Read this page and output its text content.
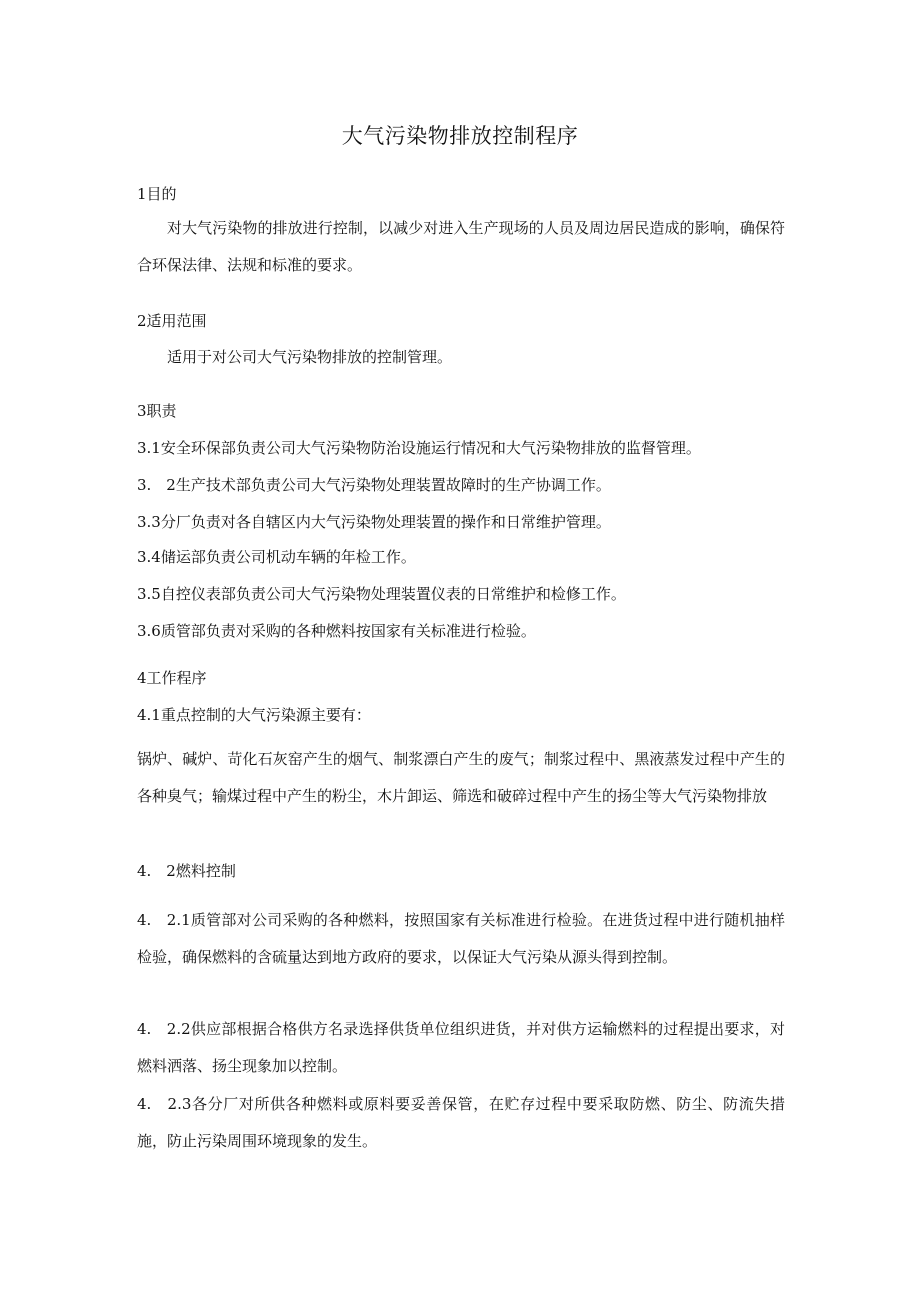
大气污染物排放控制程序
1目的
对大气污染物的排放进行控制，以减少对进入生产现场的人员及周边居民造成的影响，确保符合环保法律、法规和标准的要求。
2适用范围
适用于对公司大气污染物排放的控制管理。
3职责
3.1安全环保部负责公司大气污染物防治设施运行情况和大气污染物排放的监督管理。
3.　2生产技术部负责公司大气污染物处理装置故障时的生产协调工作。
3.3分厂负责对各自辖区内大气污染物处理装置的操作和日常维护管理。
3.4储运部负责公司机动车辆的年检工作。
3.5自控仪表部负责公司大气污染物处理装置仪表的日常维护和检修工作。
3.6质管部负责对采购的各种燃料按国家有关标准进行检验。
4工作程序
4.1重点控制的大气污染源主要有：
锅炉、碱炉、苛化石灰窑产生的烟气、制浆漂白产生的废气；制浆过程中、黑液蒸发过程中产生的各种臭气；输煤过程中产生的粉尘，木片卸运、筛选和破碎过程中产生的扬尘等大气污染物排放
4.　2燃料控制
4.　2.1质管部对公司采购的各种燃料，按照国家有关标准进行检验。在进货过程中进行随机抽样检验，确保燃料的含硫量达到地方政府的要求，以保证大气污染从源头得到控制。
4.　2.2供应部根据合格供方名录选择供货单位组织进货，并对供方运输燃料的过程提出要求，对燃料洒落、扬尘现象加以控制。
4.　2.3各分厂对所供各种燃料或原料要妥善保管，在贮存过程中要采取防燃、防尘、防流失措施，防止污染周围环境现象的发生。
